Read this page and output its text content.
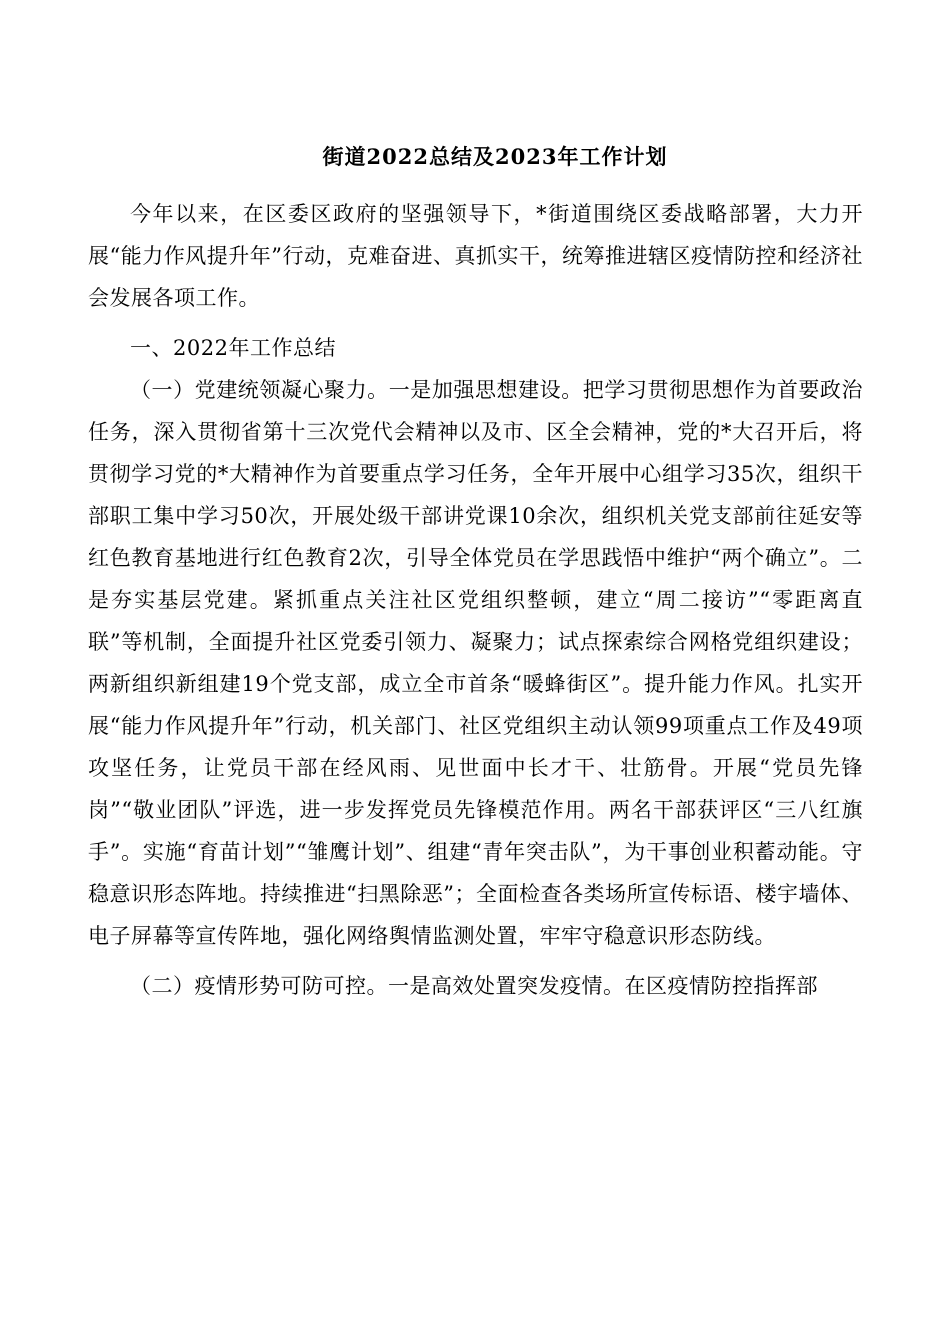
街道2022总结及2023年工作计划

今年以来，在区委区政府的坚强领导下，*街道围绕区委战略部署，大力开展“能力作风提升年”行动，克难奋进、真抓实干，统筹推进辖区疫情防控和经济社会发展各项工作。

一、2022年工作总结

（一）党建统领凝心聚力。一是加强思想建设。把学习贯彻思想作为首要政治任务，深入贯彻省第十三次党代会精神以及市、区全会精神，党的*大召开后，将贯彻学习党的*大精神作为首要重点学习任务，全年开展中心组学习35次，组织干部职工集中学习50次，开展处级干部讲党课10余次，组织机关党支部前往延安等红色教育基地进行红色教育2次，引导全体党员在学思践悟中维护“两个确立”。二是夯实基层党建。紧抓重点关注社区党组织整顿，建立“周二接访”“零距离直联”等机制，全面提升社区党委引领力、凝聚力；试点探索综合网格党组织建设；两新组织新组建19个党支部，成立全市首条“暖蜂街区”。提升能力作风。扎实开展“能力作风提升年”行动，机关部门、社区党组织主动认领99项重点工作及49项攻坚任务，让党员干部在经风雨、见世面中长才干、壮筋骨。开展“党员先锋岗”“敬业团队”评选，进一步发挥党员先锋模范作用。两名干部获评区“三八红旗手”。实施“育苗计划”“雏鹰计划”、组建“青年突击队”，为干事创业积蓄动能。守稳意识形态阵地。持续推进“扫黑除恶”；全面检查各类场所宣传标语、楼宇墙体、电子屏幕等宣传阵地，强化网络舆情监测处置，牢牢守稳意识形态防线。

（二）疫情形势可防可控。一是高效处置突发疫情。在区疫情防控指挥部
